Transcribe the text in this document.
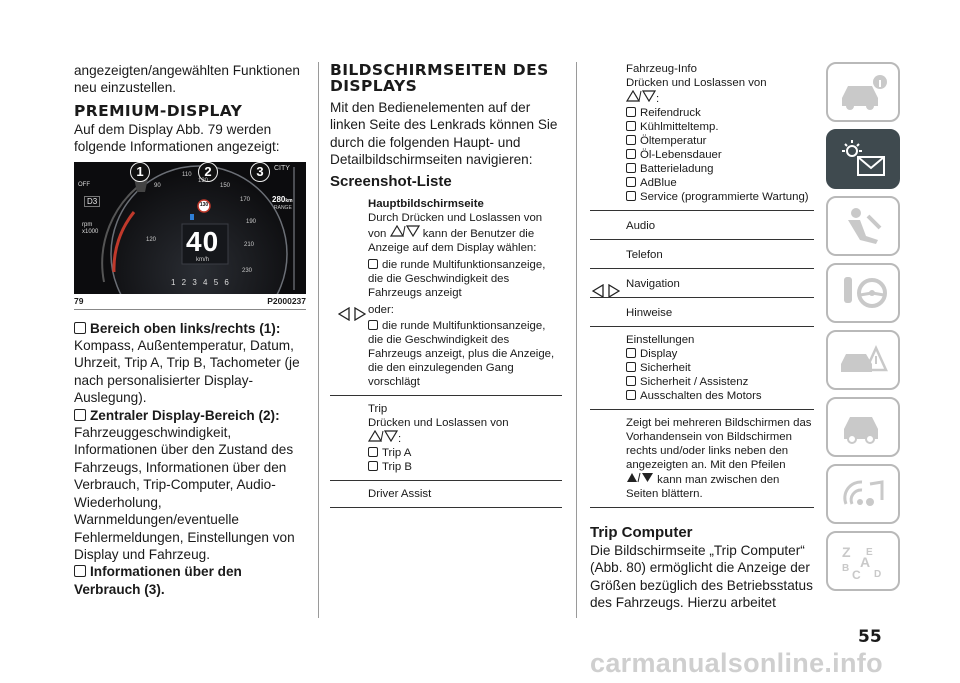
angezeigten/angewählten Funktionen neu einzustellen.

PREMIUM-DISPLAY

Auf dem Display Abb. 79 werden folgende Informationen angezeigt:

1	2	3	CITY
OFF
D3
rpm
x1000
90
110
130
150
170
190
210
230
120
130
40
km/h
1 2 3 4 5 6
280km
RANGE
79	P2000237

Bereich oben links/rechts (1):
Kompass, Außentemperatur, Datum, Uhrzeit, Trip A, Trip B, Tachometer (je nach personalisierter Display-Auslegung).

Zentraler Display-Bereich (2): Fahrzeuggeschwindigkeit, Informationen über den Zustand des Fahrzeugs, Informationen über den Verbrauch, Trip-Computer, Audio-Wiederholung, Warnmeldungen/eventuelle Fehlermeldungen, Einstellungen von Display und Fahrzeug.

Informationen über den Verbrauch (3).

BILDSCHIRMSEITEN DES DISPLAYS

Mit den Bedienelementen auf der linken Seite des Lenkrads können Sie durch die folgenden Haupt- und Detailbildschirmseiten navigieren:

Screenshot-Liste
Hauptbildschirmseite
Durch Drücken und Loslassen von
von	kann der Benutzer die Anzeige auf dem Display wählen:
die runde Multifunktionsanzeige, die die Geschwindigkeit des Fahrzeugs anzeigt
oder:
die runde Multifunktionsanzeige, die die Geschwindigkeit des Fahrzeugs anzeigt, plus die Anzeige, die den einzulegenden Gang vorschlägt
Trip
Drücken und Loslassen von
:
Trip A
Trip B
Driver Assist
Fahrzeug-Info
Drücken und Loslassen von
:
Reifendruck
Kühlmitteltemp.
Öltemperatur
Öl-Lebensdauer
Batterieladung
AdBlue
Service (programmierte Wartung)
Audio
Telefon
Navigation
Hinweise
Einstellungen
Display
Sicherheit
Sicherheit / Assistenz
Ausschalten des Motors
Zeigt bei mehreren Bildschirmen das Vorhandensein von Bildschirmen rechts und/oder links neben den angezeigten an. Mit den Pfeilen  kann man zwischen den Seiten blättern.
Trip Computer

Die Bildschirmseite „Trip Computer“ (Abb. 80) ermöglicht die Anzeige der Größen bezüglich des Betriebsstatus des Fahrzeugs. Hierzu arbeitet

Z E
A
B C D
55
carmanualsonline.info
